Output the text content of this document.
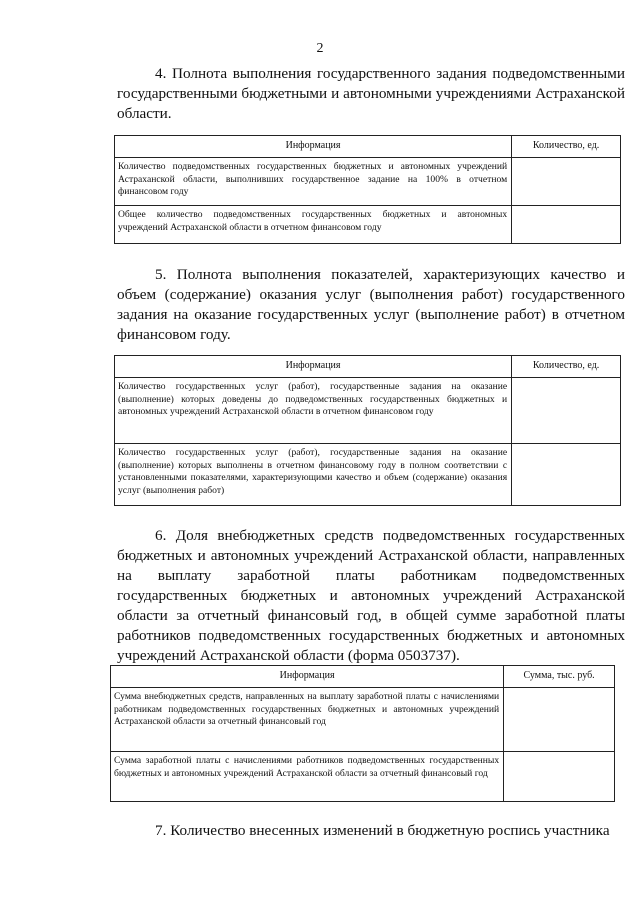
2

4. Полнота выполнения государственного задания подведомственными государственными бюджетными и автономными учреждениями Астраханской области.

Информация	Количество, ед.
Количество подведомственных государственных бюджетных и автономных учреждений Астраханской области, выполнивших государственное задание на 100% в отчетном финансовом году	
Общее количество подведомственных государственных бюджетных и автономных учреждений Астраханской области в отчетном финансовом году	

5. Полнота выполнения показателей, характеризующих качество и объем (содержание) оказания услуг (выполнения работ) государственного задания на оказание государственных услуг (выполнение работ) в отчетном финансовом году.

Информация	Количество, ед.
Количество государственных услуг (работ), государственные задания на оказание (выполнение) которых доведены до подведомственных государственных бюджетных и автономных учреждений Астраханской области в отчетном финансовом году	
Количество государственных услуг (работ), государственные задания на оказание (выполнение) которых выполнены в отчетном финансовому году в полном соответствии с установленными показателями, характеризующими качество и объем (содержание) оказания услуг (выполнения работ)	

6. Доля внебюджетных средств подведомственных государственных бюджетных и автономных учреждений Астраханской области, направленных на выплату заработной платы работникам подведомственных государственных бюджетных и автономных учреждений Астраханской области за отчетный финансовый год, в общей сумме заработной платы работников подведомственных государственных бюджетных и автономных учреждений Астраханской области (форма 0503737).

Информация	Сумма, тыс. руб.
Сумма внебюджетных средств, направленных на выплату заработной платы с начислениями работникам подведомственных государственных бюджетных и автономных учреждений Астраханской области за отчетный финансовый год	
Сумма заработной платы с начислениями работников подведомственных государственных бюджетных и автономных учреждений Астраханской области за отчетный финансовый год	

7. Количество внесенных изменений в бюджетную роспись участника
